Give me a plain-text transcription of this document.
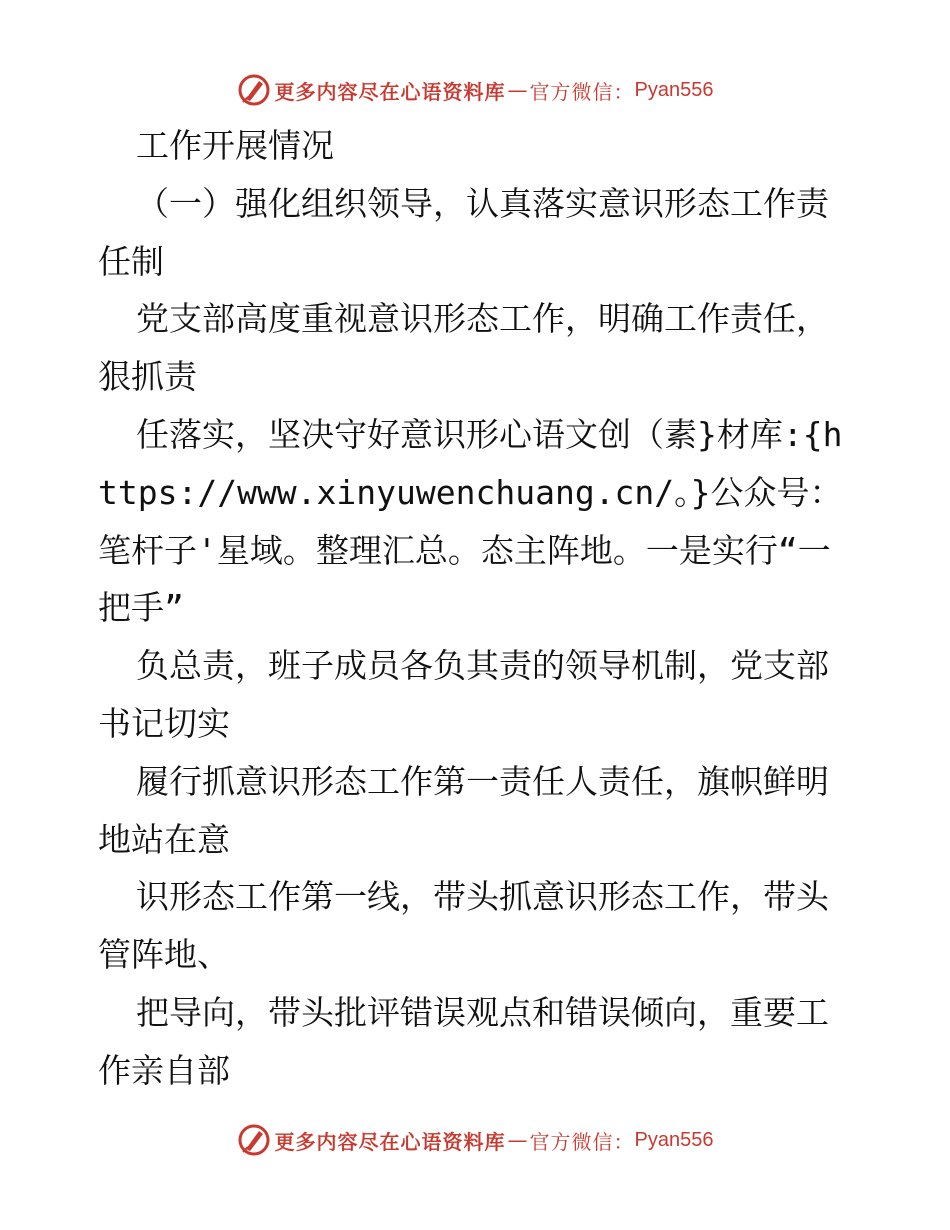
更多内容尽在心语资料库 — 官方微信： Pyan556

工作开展情况

（一）强化组织领导，认真落实意识形态工作责任制

党支部高度重视意识形态工作，明确工作责任，狠抓责

任落实，坚决守好意识形心语文创（素}材库:{https://www.xinyuwenchuang.cn/。}公众号：笔杆子'星域。整理汇总。态主阵地。一是实行“一把手”

负总责，班子成员各负其责的领导机制，党支部书记切实

履行抓意识形态工作第一责任人责任，旗帜鲜明地站在意

识形态工作第一线，带头抓意识形态工作，带头管阵地、

把导向，带头批评错误观点和错误倾向，重要工作亲自部

更多内容尽在心语资料库 — 官方微信： Pyan556
